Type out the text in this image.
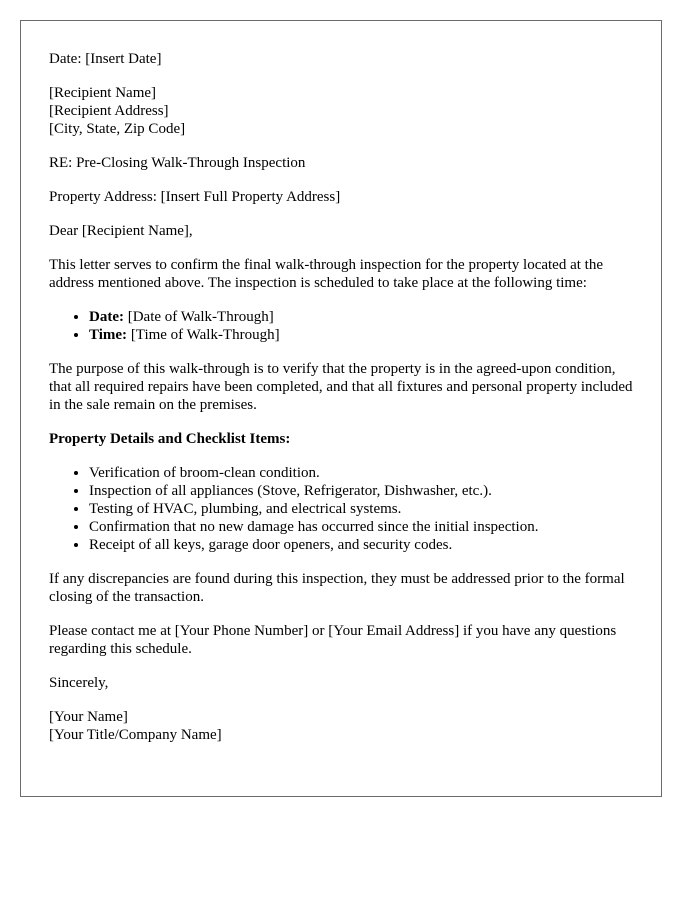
Date: [Insert Date]

[Recipient Name]
[Recipient Address]
[City, State, Zip Code]

RE: Pre-Closing Walk-Through Inspection

Property Address: [Insert Full Property Address]

Dear [Recipient Name],

This letter serves to confirm the final walk-through inspection for the property located at the address mentioned above. The inspection is scheduled to take place at the following time:

• Date: [Date of Walk-Through]
• Time: [Time of Walk-Through]

The purpose of this walk-through is to verify that the property is in the agreed-upon condition, that all required repairs have been completed, and that all fixtures and personal property included in the sale remain on the premises.

Property Details and Checklist Items:

• Verification of broom-clean condition.
• Inspection of all appliances (Stove, Refrigerator, Dishwasher, etc.).
• Testing of HVAC, plumbing, and electrical systems.
• Confirmation that no new damage has occurred since the initial inspection.
• Receipt of all keys, garage door openers, and security codes.

If any discrepancies are found during this inspection, they must be addressed prior to the formal closing of the transaction.

Please contact me at [Your Phone Number] or [Your Email Address] if you have any questions regarding this schedule.

Sincerely,

[Your Name]
[Your Title/Company Name]
